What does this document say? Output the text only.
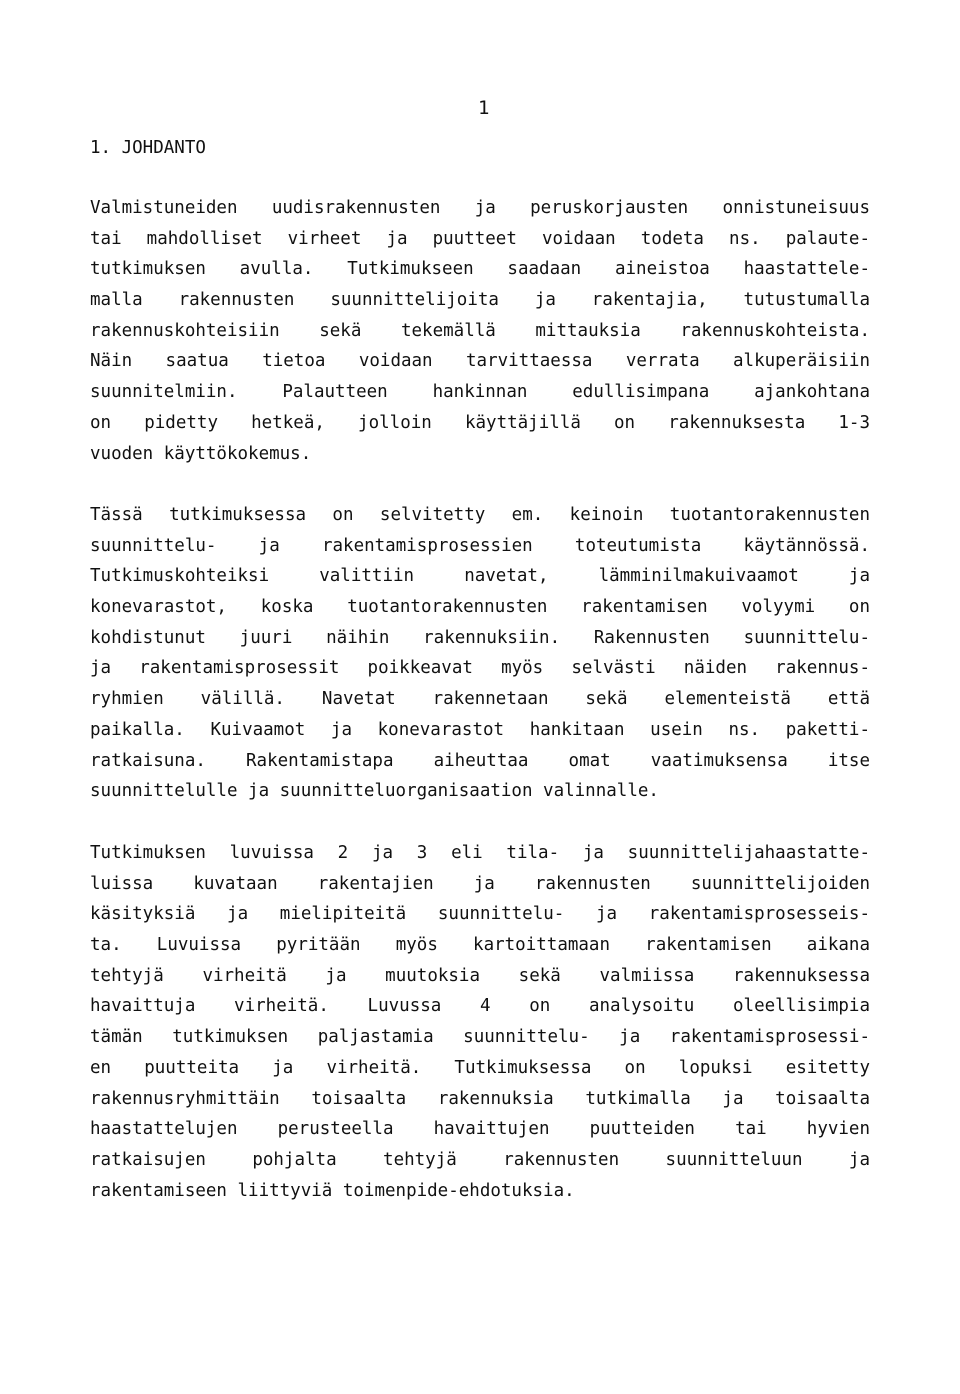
1
1. JOHDANTO
Valmistuneiden uudisrakennusten ja peruskorjausten onnistuneisuus
tai mahdolliset virheet ja puutteet voidaan todeta ns. palaute-
tutkimuksen avulla. Tutkimukseen saadaan aineistoa haastattele-
malla rakennusten suunnittelijoita ja rakentajia, tutustumalla
rakennuskohteisiin sekä tekemällä mittauksia rakennuskohteista.
Näin saatua tietoa voidaan tarvittaessa verrata alkuperäisiin
suunnitelmiin. Palautteen hankinnan edullisimpana ajankohtana
on pidetty hetkeä, jolloin käyttäjillä on rakennuksesta 1-3
vuoden käyttökokemus.
Tässä tutkimuksessa on selvitetty em. keinoin tuotantorakennusten
suunnittelu- ja rakentamisprosessien toteutumista käytännössä.
Tutkimuskohteiksi valittiin navetat, lämminilmakuivaamot ja
konevarastot, koska tuotantorakennusten rakentamisen volyymi on
kohdistunut juuri näihin rakennuksiin. Rakennusten suunnittelu-
ja rakentamisprosessit poikkeavat myös selvästi näiden rakennus-
ryhmien välillä. Navetat rakennetaan sekä elementeistä että
paikalla. Kuivaamot ja konevarastot hankitaan usein ns. paketti-
ratkaisuna. Rakentamistapa aiheuttaa omat vaatimuksensa itse
suunnittelulle ja suunnitteluorganisaation valinnalle.
Tutkimuksen luvuissa 2 ja 3 eli tila- ja suunnittelijahaastatte-
luissa kuvataan rakentajien ja rakennusten suunnittelijoiden
käsityksiä ja mielipiteitä suunnittelu- ja rakentamisprosesseis-
ta. Luvuissa pyritään myös kartoittamaan rakentamisen aikana
tehtyjä virheitä ja muutoksia sekä valmiissa rakennuksessa
havaittuja virheitä. Luvussa 4 on analysoitu oleellisimpia
tämän tutkimuksen paljastamia suunnittelu- ja rakentamisprosessi-
en puutteita ja virheitä. Tutkimuksessa on lopuksi esitetty
rakennusryhmittäin toisaalta rakennuksia tutkimalla ja toisaalta
haastattelujen perusteella havaittujen puutteiden tai hyvien
ratkaisujen pohjalta tehtyjä rakennusten suunnitteluun ja
rakentamiseen liittyviä toimenpide-ehdotuksia.
